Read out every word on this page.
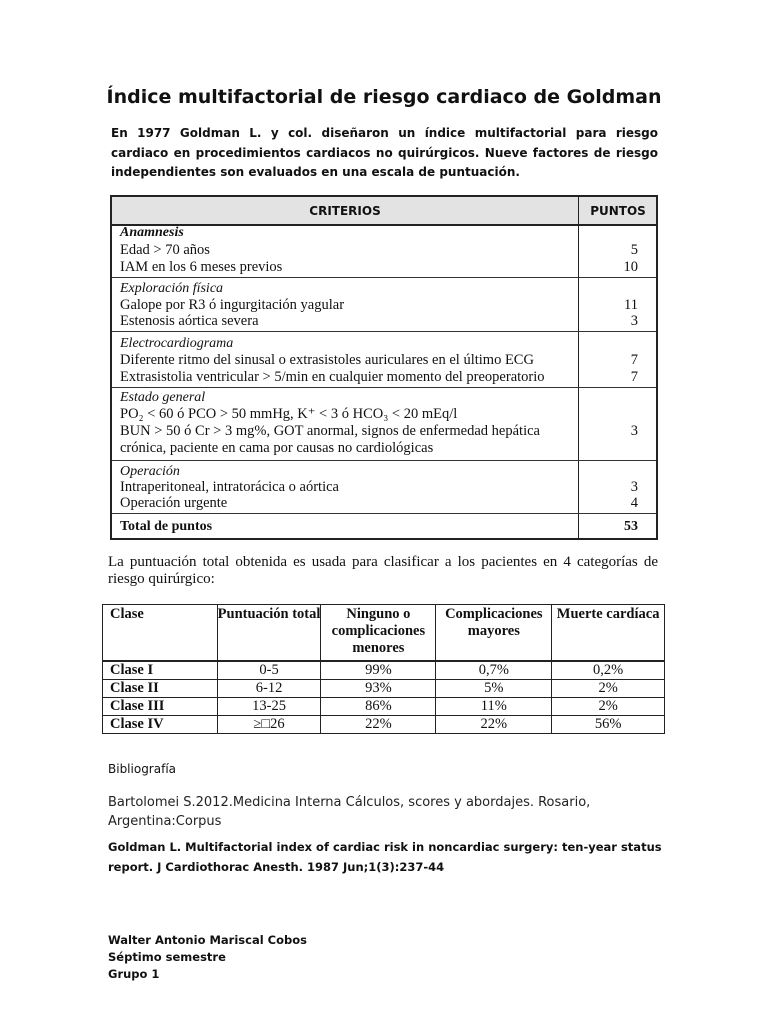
Índice multifactorial de riesgo cardiaco de Goldman
En 1977 Goldman L. y col. diseñaron un índice multifactorial para riesgo cardiaco en procedimientos cardiacos no quirúrgicos. Nueve factores de riesgo independientes son evaluados en una escala de puntuación.
CRITERIOS	PUNTOS
Anamnesis
Edad > 70 años	5
IAM en los 6 meses previos	10
Exploración física
Galope por R3 ó ingurgitación yagular	11
Estenosis aórtica severa	3
Electrocardiograma
Diferente ritmo del sinusal o extrasistoles auriculares en el último ECG	7
Extrasistolia ventricular > 5/min en cualquier momento del preoperatorio	7
Estado general
PO₂ < 60 ó PCO > 50 mmHg, K⁺ < 3 ó HCO₃ < 20 mEq/l
BUN > 50 ó Cr > 3 mg%, GOT anormal, signos de enfermedad hepática	3
crónica, paciente en cama por causas no cardiológicas
Operación
Intraperitoneal, intratorácica o aórtica	3
Operación urgente	4
Total de puntos	53
La puntuación total obtenida es usada para clasificar a los pacientes en 4 categorías de riesgo quirúrgico:
Clase	Puntuación total	Ninguno o complicaciones menores	Complicaciones mayores	Muerte cardíaca
Clase I	0-5	99%	0,7%	0,2%
Clase II	6-12	93%	5%	2%
Clase III	13-25	86%	11%	2%
Clase IV	≥□26	22%	22%	56%
Bibliografía
Bartolomei S.2012.Medicina Interna Cálculos, scores y abordajes. Rosario, Argentina:Corpus
Goldman L. Multifactorial index of cardiac risk in noncardiac surgery: ten-year status report. J Cardiothorac Anesth. 1987 Jun;1(3):237-44
Walter Antonio Mariscal Cobos
Séptimo semestre
Grupo 1
